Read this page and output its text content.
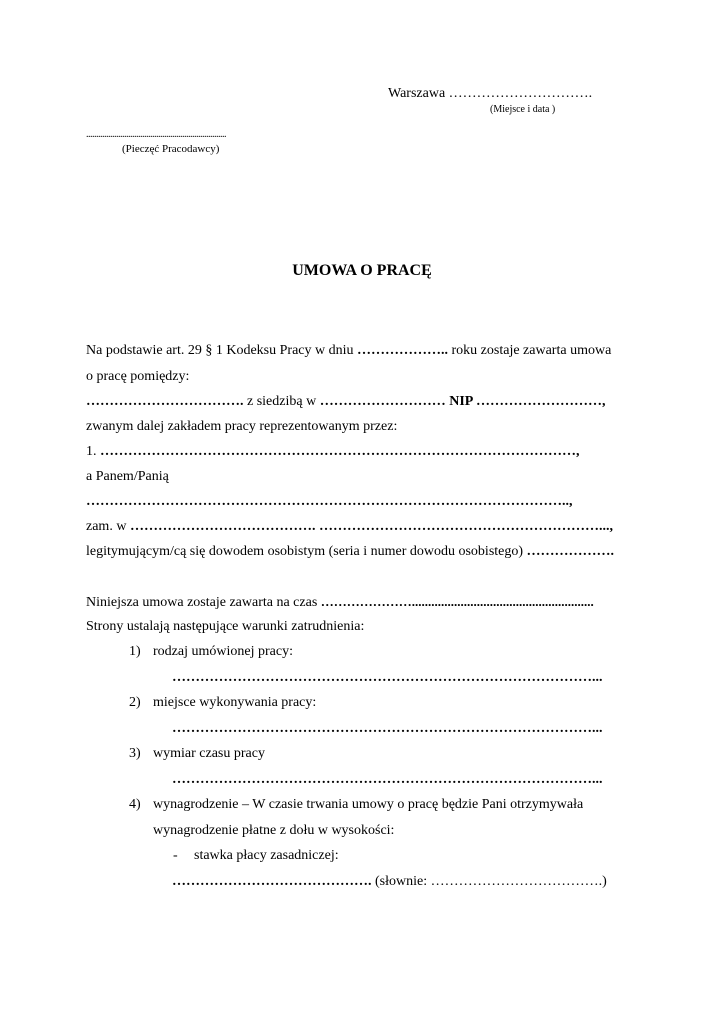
Warszawa ………………………….
(Miejsce i data )
......................................................................
(Pieczęć Pracodawcy)
UMOWA O PRACĘ
Na podstawie art. 29 § 1 Kodeksu Pracy w dniu ……………….. roku zostaje zawarta umowa
o pracę pomiędzy:
……………………………. z siedzibą w ……………………… NIP ………………………,
zwanym dalej zakładem pracy reprezentowanym przez:
1. …………………………………………………………………………………………,
a Panem/Panią
…………………………………………………………………………………………..,
zam. w …………………………………. ……………………………………………………...,
legitymującym/cą się dowodem osobistym (seria i numer dowodu osobistego) ……………….
Niniejsza umowa zostaje zawarta na czas …………………........................................................
Strony ustalają następujące warunki zatrudnienia:
1) rodzaj umówionej pracy:
………………………………………………………………………………...
2) miejsce wykonywania pracy:
………………………………………………………………………………...
3) wymiar czasu pracy
………………………………………………………………………………...
4) wynagrodzenie – W czasie trwania umowy o pracę będzie Pani otrzymywała
wynagrodzenie płatne z dołu w wysokości:
- stawka płacy zasadniczej:
……………………………………. (słownie: ……………………………….)
